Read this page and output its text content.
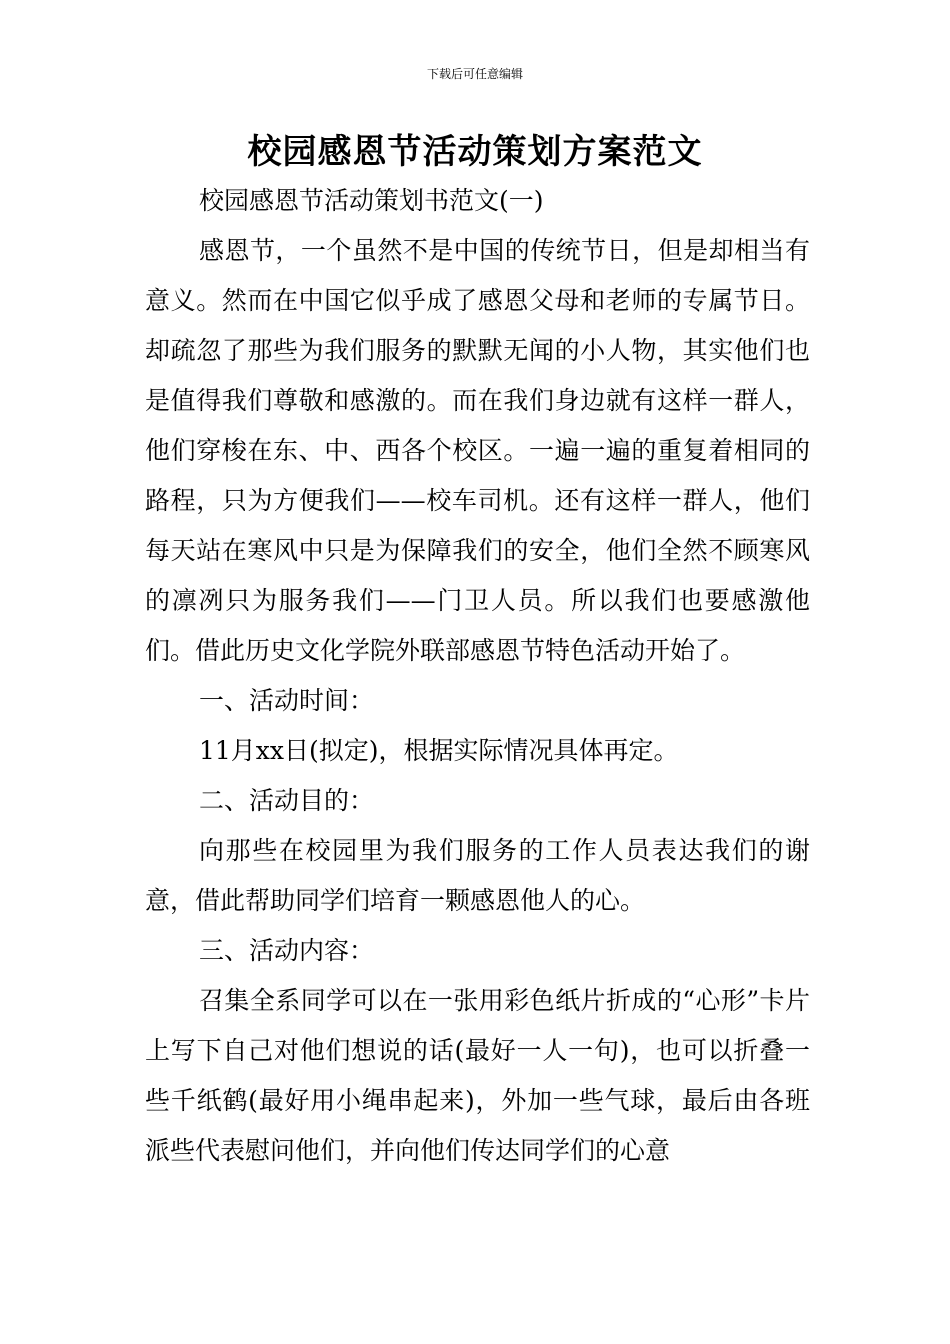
下载后可任意编辑
校园感恩节活动策划方案范文

校园感恩节活动策划书范文(一)

感恩节，一个虽然不是中国的传统节日，但是却相当有意义。然而在中国它似乎成了感恩父母和老师的专属节日。却疏忽了那些为我们服务的默默无闻的小人物，其实他们也是值得我们尊敬和感激的。而在我们身边就有这样一群人，他们穿梭在东、中、西各个校区。一遍一遍的重复着相同的路程，只为方便我们——校车司机。还有这样一群人，他们每天站在寒风中只是为保障我们的安全，他们全然不顾寒风的凛冽只为服务我们——门卫人员。所以我们也要感激他们。借此历史文化学院外联部感恩节特色活动开始了。

一、活动时间：

11月xx日(拟定)，根据实际情况具体再定。

二、活动目的：

向那些在校园里为我们服务的工作人员表达我们的谢意，借此帮助同学们培育一颗感恩他人的心。

三、活动内容：

召集全系同学可以在一张用彩色纸片折成的“心形”卡片上写下自己对他们想说的话(最好一人一句)，也可以折叠一些千纸鹤(最好用小绳串起来)，外加一些气球，最后由各班派些代表慰问他们，并向他们传达同学们的心意
